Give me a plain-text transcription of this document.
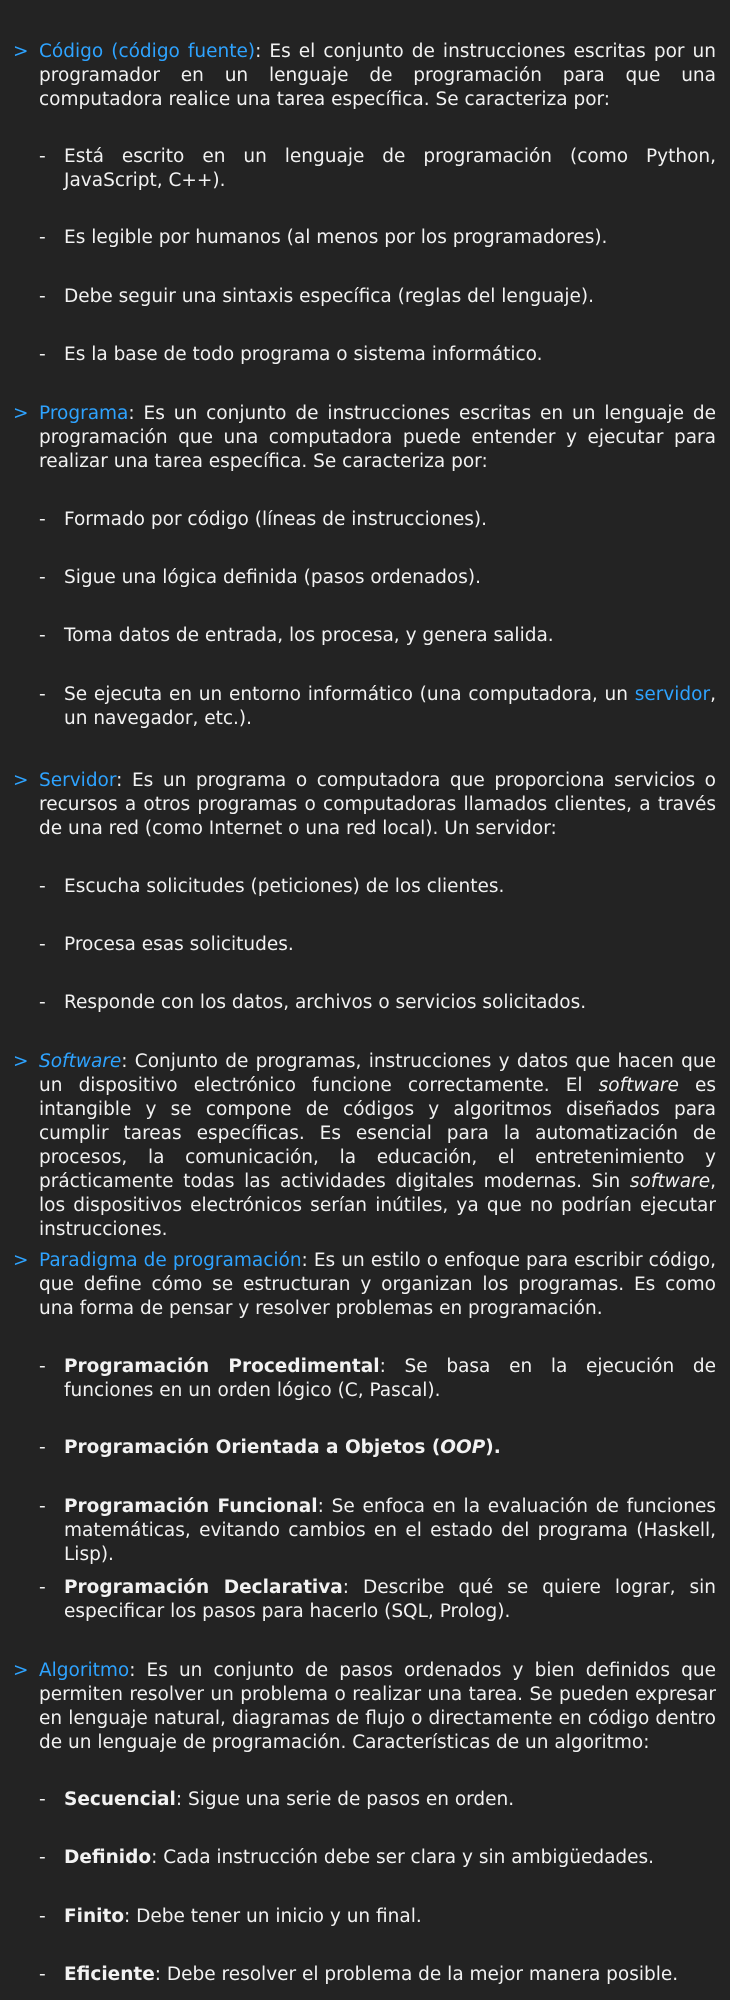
> Código (código fuente): Es el conjunto de instrucciones escritas por un programador en un lenguaje de programación para que una computadora realice una tarea específica. Se caracteriza por:
- Está escrito en un lenguaje de programación (como Python, JavaScript, C++).
- Es legible por humanos (al menos por los programadores).
- Debe seguir una sintaxis específica (reglas del lenguaje).
- Es la base de todo programa o sistema informático.
> Programa: Es un conjunto de instrucciones escritas en un lenguaje de programación que una computadora puede entender y ejecutar para realizar una tarea específica. Se caracteriza por:
- Formado por código (líneas de instrucciones).
- Sigue una lógica definida (pasos ordenados).
- Toma datos de entrada, los procesa, y genera salida.
- Se ejecuta en un entorno informático (una computadora, un servidor, un navegador, etc.).
> Servidor: Es un programa o computadora que proporciona servicios o recursos a otros programas o computadoras llamados clientes, a través de una red (como Internet o una red local). Un servidor:
- Escucha solicitudes (peticiones) de los clientes.
- Procesa esas solicitudes.
- Responde con los datos, archivos o servicios solicitados.
> Software: Conjunto de programas, instrucciones y datos que hacen que un dispositivo electrónico funcione correctamente. El software es intangible y se compone de códigos y algoritmos diseñados para cumplir tareas específicas. Es esencial para la automatización de procesos, la comunicación, la educación, el entretenimiento y prácticamente todas las actividades digitales modernas. Sin software, los dispositivos electrónicos serían inútiles, ya que no podrían ejecutar instrucciones.
> Paradigma de programación: Es un estilo o enfoque para escribir código, que define cómo se estructuran y organizan los programas. Es como una forma de pensar y resolver problemas en programación.
- Programación Procedimental: Se basa en la ejecución de funciones en un orden lógico (C, Pascal).
- Programación Orientada a Objetos (OOP).
- Programación Funcional: Se enfoca en la evaluación de funciones matemáticas, evitando cambios en el estado del programa (Haskell, Lisp).
- Programación Declarativa: Describe qué se quiere lograr, sin especificar los pasos para hacerlo (SQL, Prolog).
> Algoritmo: Es un conjunto de pasos ordenados y bien definidos que permiten resolver un problema o realizar una tarea. Se pueden expresar en lenguaje natural, diagramas de flujo o directamente en código dentro de un lenguaje de programación. Características de un algoritmo:
- Secuencial: Sigue una serie de pasos en orden.
- Definido: Cada instrucción debe ser clara y sin ambigüedades.
- Finito: Debe tener un inicio y un final.
- Eficiente: Debe resolver el problema de la mejor manera posible.
